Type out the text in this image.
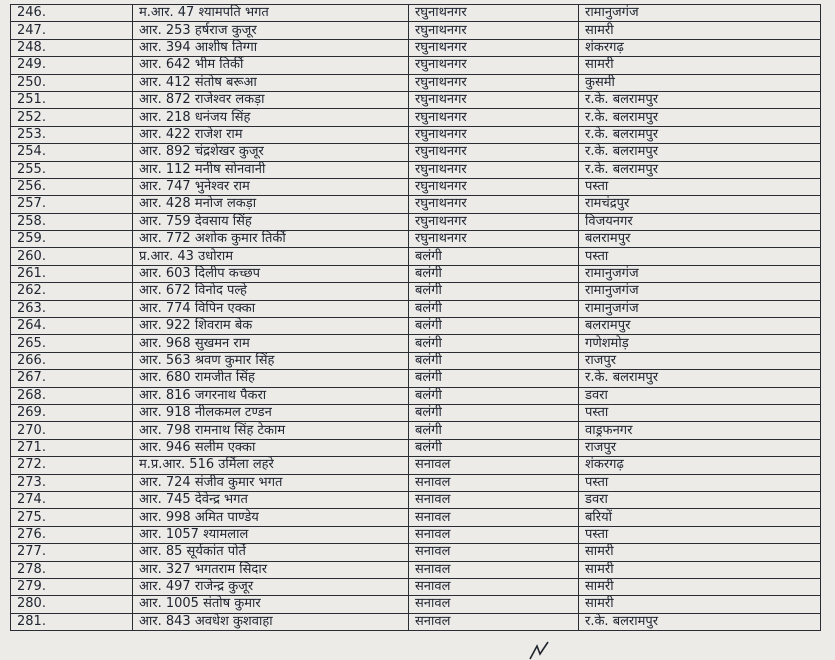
246.	म.आर. 47 श्यामपति भगत	रघुनाथनगर	रामानुजगंज
247.	आर. 253 हर्षराज कुजूर	रघुनाथनगर	सामरी
248.	आर. 394 आशीष तिग्गा	रघुनाथनगर	शंकरगढ़
249.	आर. 642 भीम तिर्की	रघुनाथनगर	सामरी
250.	आर. 412 संतोष बरूआ	रघुनाथनगर	कुसमी
251.	आर. 872 राजेश्वर लकड़ा	रघुनाथनगर	र.के. बलरामपुर
252.	आर. 218 धनंजय सिंह	रघुनाथनगर	र.के. बलरामपुर
253.	आर. 422 राजेश राम	रघुनाथनगर	र.के. बलरामपुर
254.	आर. 892 चंद्रशेखर कुजूर	रघुनाथनगर	र.के. बलरामपुर
255.	आर. 112 मनीष सोनवानी	रघुनाथनगर	र.के. बलरामपुर
256.	आर. 747 भुनेश्वर राम	रघुनाथनगर	पस्ता
257.	आर. 428 मनोज लकड़ा	रघुनाथनगर	रामचंद्रपुर
258.	आर. 759 देवसाय सिंह	रघुनाथनगर	विजयनगर
259.	आर. 772 अशोक कुमार तिर्की	रघुनाथनगर	बलरामपुर
260.	प्र.आर. 43 उधोराम	बलंगी	पस्ता
261.	आर. 603 दिलीप कच्छप	बलंगी	रामानुजगंज
262.	आर. 672 विनोद पल्हे	बलंगी	रामानुजगंज
263.	आर. 774 विपिन एक्का	बलंगी	रामानुजगंज
264.	आर. 922 शिवराम बेक	बलंगी	बलरामपुर
265.	आर. 968 सुखमन राम	बलंगी	गणेशमोड़
266.	आर. 563 श्रवण कुमार सिंह	बलंगी	राजपुर
267.	आर. 680 रामजीत सिंह	बलंगी	र.के. बलरामपुर
268.	आर. 816 जगरनाथ पैकरा	बलंगी	डवरा
269.	आर. 918 नीलकमल टण्डन	बलंगी	पस्ता
270.	आर. 798 रामनाथ सिंह टेकाम	बलंगी	वाड्रफनगर
271.	आर. 946 सलीम एक्का	बलंगी	राजपुर
272.	म.प्र.आर. 516 उर्मिला लहरे	सनावल	शंकरगढ़
273.	आर. 724 संजीव कुमार भगत	सनावल	पस्ता
274.	आर. 745 देवेन्द्र भगत	सनावल	डवरा
275.	आर. 998 अमित पाण्डेय	सनावल	बरियों
276.	आर. 1057 श्यामलाल	सनावल	पस्ता
277.	आर. 85 सूर्यकांत पोर्ते	सनावल	सामरी
278.	आर. 327 भगतराम सिदार	सनावल	सामरी
279.	आर. 497 राजेन्द्र कुजूर	सनावल	सामरी
280.	आर. 1005 संतोष कुमार	सनावल	सामरी
281.	आर. 843 अवधेश कुशवाहा	सनावल	र.के. बलरामपुर
